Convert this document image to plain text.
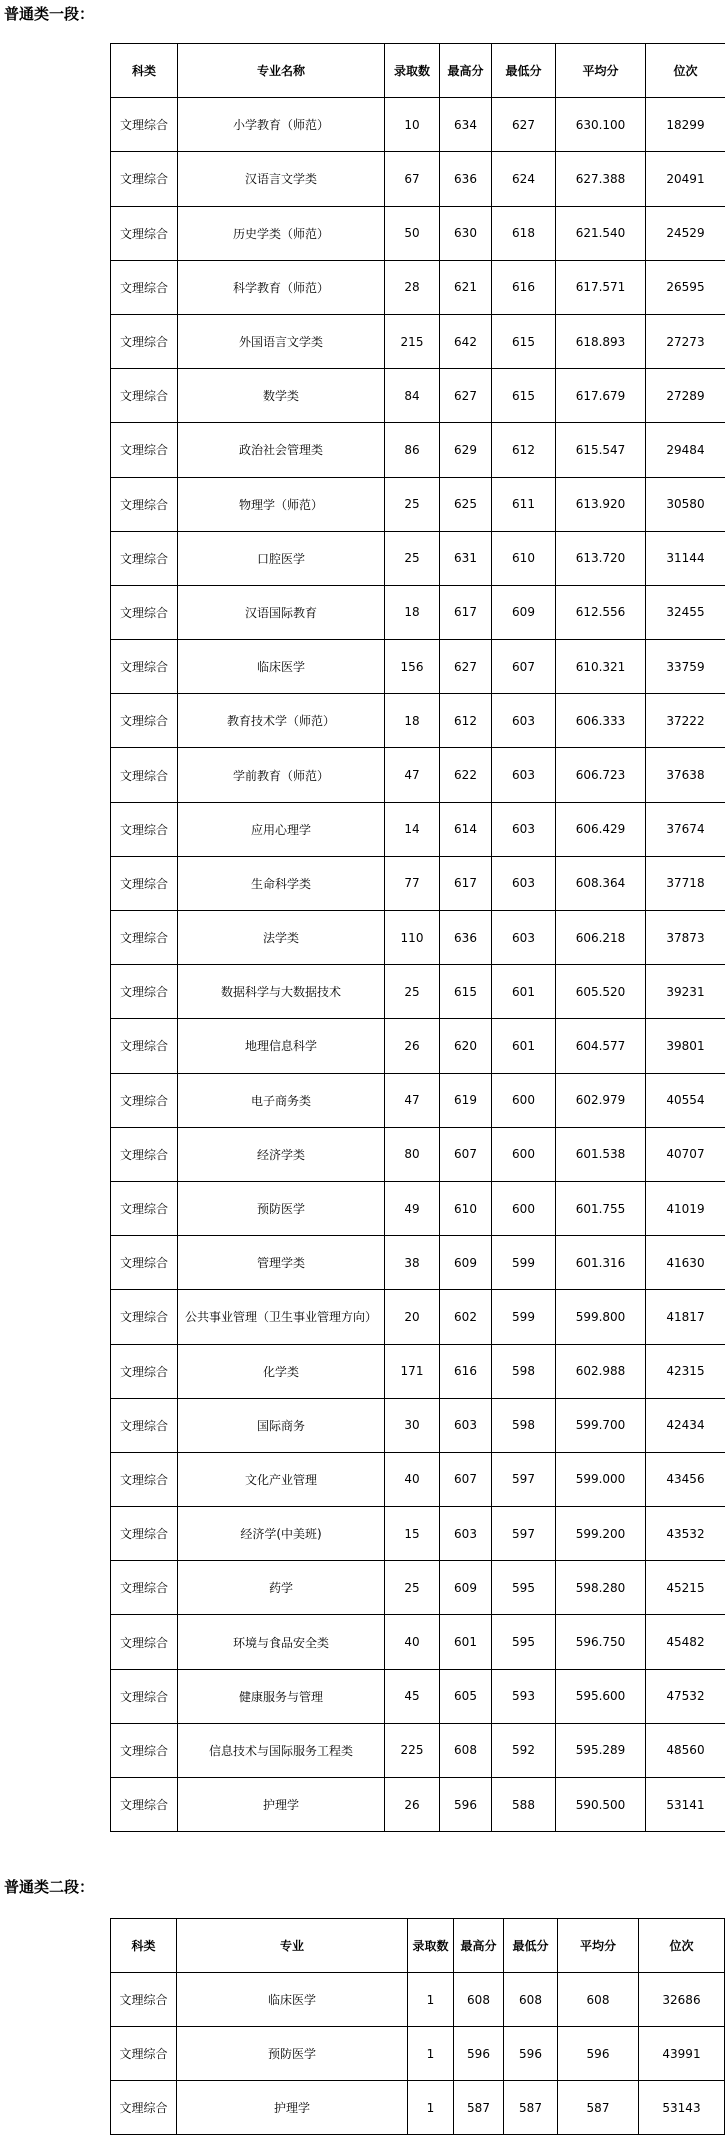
普通类一段：
科类	专业名称	录取数	最高分	最低分	平均分	位次
文理综合	小学教育（师范）	10	634	627	630.100	18299
文理综合	汉语言文学类	67	636	624	627.388	20491
文理综合	历史学类（师范）	50	630	618	621.540	24529
文理综合	科学教育（师范）	28	621	616	617.571	26595
文理综合	外国语言文学类	215	642	615	618.893	27273
文理综合	数学类	84	627	615	617.679	27289
文理综合	政治社会管理类	86	629	612	615.547	29484
文理综合	物理学（师范）	25	625	611	613.920	30580
文理综合	口腔医学	25	631	610	613.720	31144
文理综合	汉语国际教育	18	617	609	612.556	32455
文理综合	临床医学	156	627	607	610.321	33759
文理综合	教育技术学（师范）	18	612	603	606.333	37222
文理综合	学前教育（师范）	47	622	603	606.723	37638
文理综合	应用心理学	14	614	603	606.429	37674
文理综合	生命科学类	77	617	603	608.364	37718
文理综合	法学类	110	636	603	606.218	37873
文理综合	数据科学与大数据技术	25	615	601	605.520	39231
文理综合	地理信息科学	26	620	601	604.577	39801
文理综合	电子商务类	47	619	600	602.979	40554
文理综合	经济学类	80	607	600	601.538	40707
文理综合	预防医学	49	610	600	601.755	41019
文理综合	管理学类	38	609	599	601.316	41630
文理综合	公共事业管理（卫生事业管理方向）	20	602	599	599.800	41817
文理综合	化学类	171	616	598	602.988	42315
文理综合	国际商务	30	603	598	599.700	42434
文理综合	文化产业管理	40	607	597	599.000	43456
文理综合	经济学(中美班)	15	603	597	599.200	43532
文理综合	药学	25	609	595	598.280	45215
文理综合	环境与食品安全类	40	601	595	596.750	45482
文理综合	健康服务与管理	45	605	593	595.600	47532
文理综合	信息技术与国际服务工程类	225	608	592	595.289	48560
文理综合	护理学	26	596	588	590.500	53141
普通类二段：
科类	专业	录取数	最高分	最低分	平均分	位次
文理综合	临床医学	1	608	608	608	32686
文理综合	预防医学	1	596	596	596	43991
文理综合	护理学	1	587	587	587	53143
